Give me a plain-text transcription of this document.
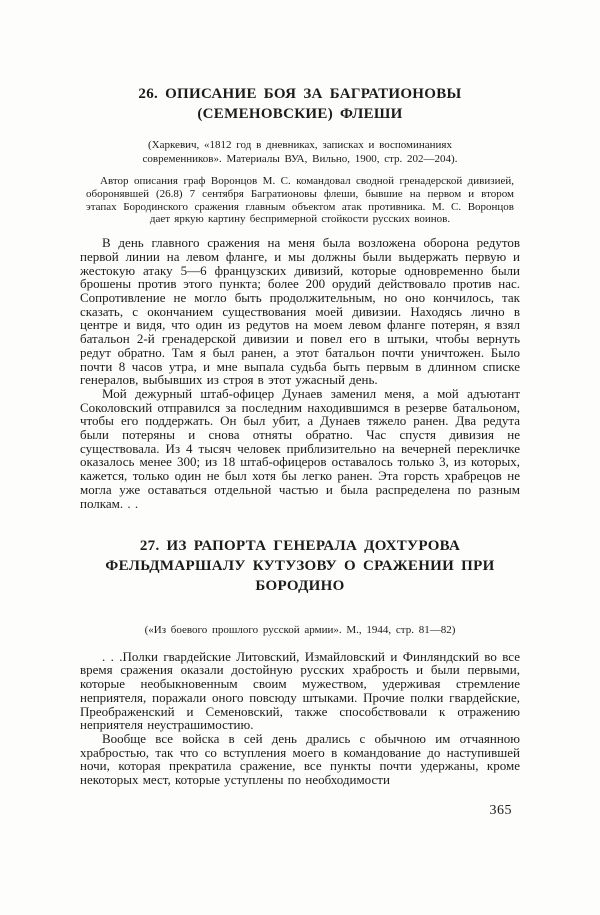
26. ОПИСАНИЕ БОЯ ЗА БАГРАТИОНОВЫ (СЕМЕНОВСКИЕ) ФЛЕШИ

(Харкевич, «1812 год в дневниках, записках и воспоминаниях современников». Материалы ВУА, Вильно, 1900, стр. 202—204).

Автор описания граф Воронцов М. С. командовал сводной гренадерской дивизией, оборонявшей (26.8) 7 сентября Багратионовы флеши, бывшие на первом и втором этапах Бородинского сражения главным объектом атак противника. М. С. Воронцов дает яркую картину беспримерной стойкости русских воинов.

В день главного сражения на меня была возложена оборона редутов первой линии на левом фланге, и мы должны были выдержать первую и жестокую атаку 5—6 французских дивизий, которые одновременно были брошены против этого пункта; более 200 орудий действовало против нас. Сопротивление не могло быть продолжительным, но оно кончилось, так сказать, с окончанием существования моей дивизии. Находясь лично в центре и видя, что один из редутов на моем левом фланге потерян, я взял батальон 2-й гренадерской дивизии и повел его в штыки, чтобы вернуть редут обратно. Там я был ранен, а этот батальон почти уничтожен. Было почти 8 часов утра, и мне выпала судьба быть первым в длинном списке генералов, выбывших из строя в этот ужасный день.

Мой дежурный штаб-офицер Дунаев заменил меня, а мой адъютант Соколовский отправился за последним находившимся в резерве батальоном, чтобы его поддержать. Он был убит, а Дунаев тяжело ранен. Два редута были потеряны и снова отняты обратно. Час спустя дивизия не существовала. Из 4 тысяч человек приблизительно на вечерней перекличке оказалось менее 300; из 18 штаб-офицеров оставалось только 3, из которых, кажется, только один не был хотя бы легко ранен. Эта горсть храбрецов не могла уже оставаться отдельной частью и была распределена по разным полкам. . .

27. ИЗ РАПОРТА ГЕНЕРАЛА ДОХТУРОВА ФЕЛЬДМАРШАЛУ КУТУЗОВУ О СРАЖЕНИИ ПРИ БОРОДИНО

(«Из боевого прошлого русской армии». М., 1944, стр. 81—82)

. . .Полки гвардейские Литовский, Измайловский и Финляндский во все время сражения оказали достойную русских храбрость и были первыми, которые необыкновенным своим мужеством, удерживая стремление неприятеля, поражали оного повсюду штыками. Прочие полки гвардейские, Преображенский и Семеновский, также способствовали к отражению неприятеля неустрашимостию.

Вообще все войска в сей день дрались с обычною им отчаянною храбростью, так что со вступления моего в командование до наступившей ночи, которая прекратила сражение, все пункты почти удержаны, кроме некоторых мест, которые уступлены по необходимости

365
